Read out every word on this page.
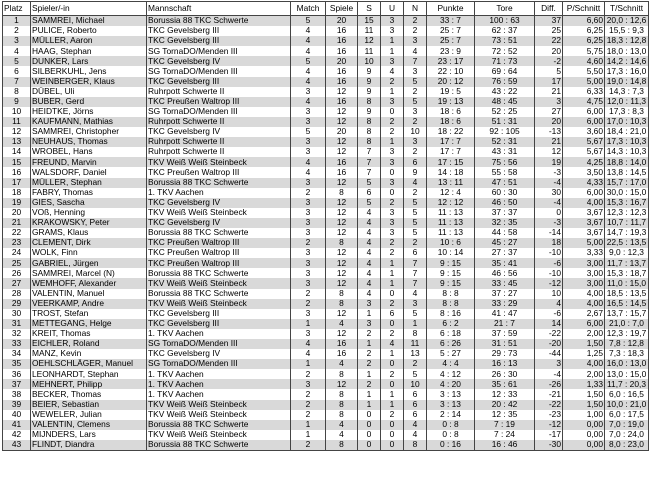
Platz	Spieler/-in	Mannschaft	Match	Spiele	S	U	N	Punkte	Tore	Diff.	P/Schnitt	T/Schnitt
1	SAMMREI, Michael	Borussia 88 TKC Schwerte	5	20	15	3	2	33 : 7	100 : 63	37	6,60	20,0 : 12,6
2	PULICE, Roberto	TKC Gevelsberg III	4	16	11	3	2	25 : 7	62 : 37	25	6,25	15,5 : 9,3
3	MÜLLER, Aaron	TKC Gevelsberg III	4	16	12	1	3	25 : 7	73 : 51	22	6,25	18,3 : 12,8
4	HAAG, Stephan	SG TornaDO/Menden III	4	16	11	1	4	23 : 9	72 : 52	20	5,75	18,0 : 13,0
5	DUNKER, Lars	TKC Gevelsberg IV	5	20	10	3	7	23 : 17	71 : 73	-2	4,60	14,2 : 14,6
6	SILBERKUHL, Jens	SG TornaDO/Menden III	4	16	9	4	3	22 : 10	69 : 64	5	5,50	17,3 : 16,0
7	WEINBERGER, Klaus	TKC Gevelsberg III	4	16	9	2	5	20 : 12	76 : 59	17	5,00	19,0 : 14,8
8	DÜBEL, Uli	Ruhrpott Schwerte II	3	12	9	1	2	19 : 5	43 : 22	21	6,33	14,3 : 7,3
9	BUBER, Gerd	TKC Preußen Waltrop III	4	16	8	3	5	19 : 13	48 : 45	3	4,75	12,0 : 11,3
10	HEIDTKE, Jörns	SG TornaDO/Menden III	3	12	9	0	3	18 : 6	52 : 25	27	6,00	17,3 : 8,3
11	KAUFMANN, Mathias	Ruhrpott Schwerte II	3	12	8	2	2	18 : 6	51 : 31	20	6,00	17,0 : 10,3
12	SAMMREI, Christopher	TKC Gevelsberg IV	5	20	8	2	10	18 : 22	92 : 105	-13	3,60	18,4 : 21,0
13	NEUHAUS, Thomas	Ruhrpott Schwerte II	3	12	8	1	3	17 : 7	52 : 31	21	5,67	17,3 : 10,3
14	WROBEL, Hans	Ruhrpott Schwerte II	3	12	7	3	2	17 : 7	43 : 31	12	5,67	14,3 : 10,3
15	FREUND, Marvin	TKV Weiß Weiß Steinbeck	4	16	7	3	6	17 : 15	75 : 56	19	4,25	18,8 : 14,0
16	WALSDORF, Daniel	TKC Preußen Waltrop III	4	16	7	0	9	14 : 18	55 : 58	-3	3,50	13,8 : 14,5
17	MÜLLER, Stephan	Borussia 88 TKC Schwerte	3	12	5	3	4	13 : 11	47 : 51	-4	4,33	15,7 : 17,0
18	FABRY, Thomas	1. TKV Aachen	2	8	6	0	2	12 : 4	60 : 30	30	6,00	30,0 : 15,0
19	GIES, Sascha	TKC Gevelsberg IV	3	12	5	2	5	12 : 12	46 : 50	-4	4,00	15,3 : 16,7
20	VOß, Henning	TKV Weiß Weiß Steinbeck	3	12	4	3	5	11 : 13	37 : 37	0	3,67	12,3 : 12,3
21	KRAKOWSKY, Peter	TKC Gevelsberg IV	3	12	4	3	5	11 : 13	32 : 35	-3	3,67	10,7 : 11,7
22	GRAMS, Klaus	Borussia 88 TKC Schwerte	3	12	4	3	5	11 : 13	44 : 58	-14	3,67	14,7 : 19,3
23	CLEMENT, Dirk	TKC Preußen Waltrop III	2	8	4	2	2	10 : 6	45 : 27	18	5,00	22,5 : 13,5
24	WOLK, Finn	TKC Preußen Waltrop III	3	12	4	2	6	10 : 14	27 : 37	-10	3,33	9,0 : 12,3
25	GABRIEL, Jürgen	TKC Preußen Waltrop III	3	12	4	1	7	9 : 15	35 : 41	-6	3,00	11,7 : 13,7
26	SAMMREI, Marcel (N)	Borussia 88 TKC Schwerte	3	12	4	1	7	9 : 15	46 : 56	-10	3,00	15,3 : 18,7
27	WEMHOFF, Alexander	TKV Weiß Weiß Steinbeck	3	12	4	1	7	9 : 15	33 : 45	-12	3,00	11,0 : 15,0
28	VALENTIN, Manuel	Borussia 88 TKC Schwerte	2	8	4	0	4	8 : 8	37 : 27	10	4,00	18,5 : 13,5
29	VEERKAMP, Andre	TKV Weiß Weiß Steinbeck	2	8	3	2	3	8 : 8	33 : 29	4	4,00	16,5 : 14,5
30	TROST, Stefan	TKC Gevelsberg III	3	12	1	6	5	8 : 16	41 : 47	-6	2,67	13,7 : 15,7
31	METTEGANG, Helge	TKC Gevelsberg III	1	4	3	0	1	6 : 2	21 : 7	14	6,00	21,0 : 7,0
32	KREIT, Thomas	1. TKV Aachen	3	12	2	2	8	6 : 18	37 : 59	-22	2,00	12,3 : 19,7
33	EICHLER, Roland	SG TornaDO/Menden III	4	16	1	4	11	6 : 26	31 : 51	-20	1,50	7,8 : 12,8
34	MANZ, Kevin	TKC Gevelsberg IV	4	16	2	1	13	5 : 27	29 : 73	-44	1,25	7,3 : 18,3
35	OEHLSCHLÄGER, Manuel	SG TornaDO/Menden III	1	4	2	0	2	4 : 4	16 : 13	3	4,00	16,0 : 13,0
36	LEONHARDT, Stephan	1. TKV Aachen	2	8	1	2	5	4 : 12	26 : 30	-4	2,00	13,0 : 15,0
37	MEHNERT, Philipp	1. TKV Aachen	3	12	2	0	10	4 : 20	35 : 61	-26	1,33	11,7 : 20,3
38	BECKER, Thomas	1. TKV Aachen	2	8	1	1	6	3 : 13	12 : 33	-21	1,50	6,0 : 16,5
39	BEIER, Sebastian	TKV Weiß Weiß Steinbeck	2	8	1	1	6	3 : 13	20 : 42	-22	1,50	10,0 : 21,0
40	WEWELER, Julian	TKV Weiß Weiß Steinbeck	2	8	0	2	6	2 : 14	12 : 35	-23	1,00	6,0 : 17,5
41	VALENTIN, Clemens	Borussia 88 TKC Schwerte	1	4	0	0	4	0 : 8	7 : 19	-12	0,00	7,0 : 19,0
42	MIJNDERS, Lars	TKV Weiß Weiß Steinbeck	1	4	0	0	4	0 : 8	7 : 24	-17	0,00	7,0 : 24,0
43	FLINDT, Diandra	Borussia 88 TKC Schwerte	2	8	0	0	8	0 : 16	16 : 46	-30	0,00	8,0 : 23,0
